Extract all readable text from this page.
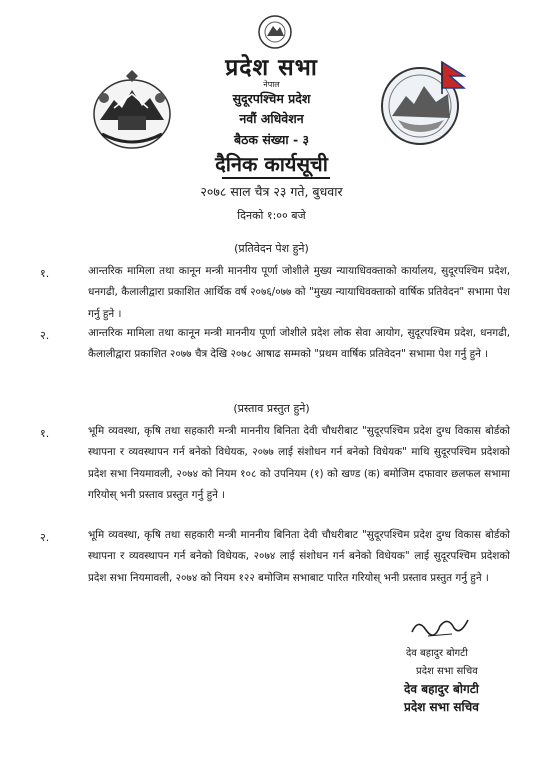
प्रदेश सभा
नेपाल
सुदूरपश्चिम प्रदेश
नवौं अधिवेशन
बैठक संख्या - ३
दैनिक कार्यसूची
२०७८ साल चैत्र २३ गते, बुधवार
दिनको १:०० बजे
(प्रतिवेदन पेश हुने)
१.	आन्तरिक मामिला तथा कानून मन्त्री माननीय पूर्णा जोशीले मुख्य न्यायाधिवक्ताको कार्यालय, सुदूरपश्चिम प्रदेश, धनगढी, कैलालीद्वारा प्रकाशित आर्थिक वर्ष २०७६/०७७ को "मुख्य न्यायाधिवक्ताको वार्षिक प्रतिवेदन" सभामा पेश गर्नु हुने ।
२.	आन्तरिक मामिला तथा कानून मन्त्री माननीय पूर्णा जोशीले प्रदेश लोक सेवा आयोग, सुदूरपश्चिम प्रदेश, धनगढी, कैलालीद्वारा प्रकाशित २०७७ चैत्र देखि २०७८ आषाढ सम्मको "प्रथम वार्षिक प्रतिवेदन" सभामा पेश गर्नु हुने ।
(प्रस्ताव प्रस्तुत हुने)
१.	भूमि व्यवस्था, कृषि तथा सहकारी मन्त्री माननीय बिनिता देवी चौधरीबाट "सुदूरपश्चिम प्रदेश दुग्ध विकास बोर्डको स्थापना र व्यवस्थापन गर्न बनेको विधेयक, २०७७ लाई संशोधन गर्न बनेको विधेयक" माथि सुदूरपश्चिम प्रदेशको प्रदेश सभा नियमावली, २०७४ को नियम १०८ को उपनियम (१) को खण्ड (क) बमोजिम दफावार छलफल सभामा गरियोस् भनी प्रस्ताव प्रस्तुत गर्नु हुने ।
२.	भूमि व्यवस्था, कृषि तथा सहकारी मन्त्री माननीय बिनिता देवी चौधरीबाट "सुदूरपश्चिम प्रदेश दुग्ध विकास बोर्डको स्थापना र व्यवस्थापन गर्न बनेको विधेयक, २०७४ लाई संशोधन गर्न बनेको विधेयक" लाई सुदूरपश्चिम प्रदेशको प्रदेश सभा नियमावली, २०७४ को नियम १२२ बमोजिम सभाबाट पारित गरियोस् भनी प्रस्ताव प्रस्तुत गर्नु हुने ।
देव बहादुर बोगटी
प्रदेश सभा सचिव
देव बहादुर बोगटी
प्रदेश सभा सचिव
